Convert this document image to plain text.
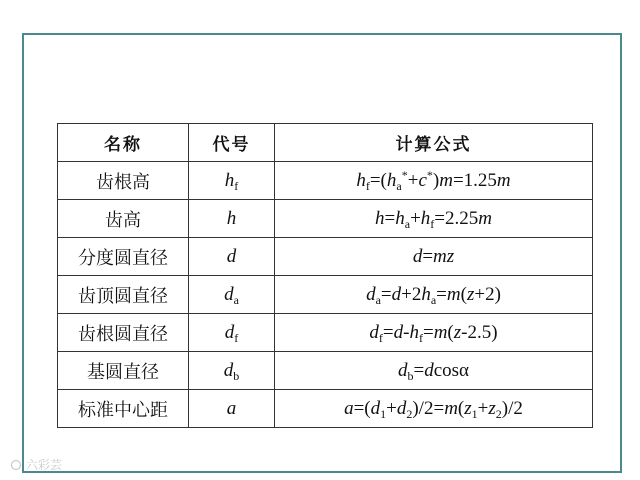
名称	代号	计算公式
齿根高	$h_f$	$h_f=(h_a^*+c^*)m=1.25m$
齿高	h	$h=h_a+h_f=2.25m$
分度圆直径	d	d=mz
齿顶圆直径	$d_a$	$d_a=d+2h_a=m(z+2)$
齿根圆直径	$d_f$	$d_f=d-h_f=m(z-2.5)$
基圆直径	$d_b$	$d_b=dcos\alpha$
标准中心距	a	$a=(d_1+d_2)/2=m(z_1+z_2)/2$
六彩芸
